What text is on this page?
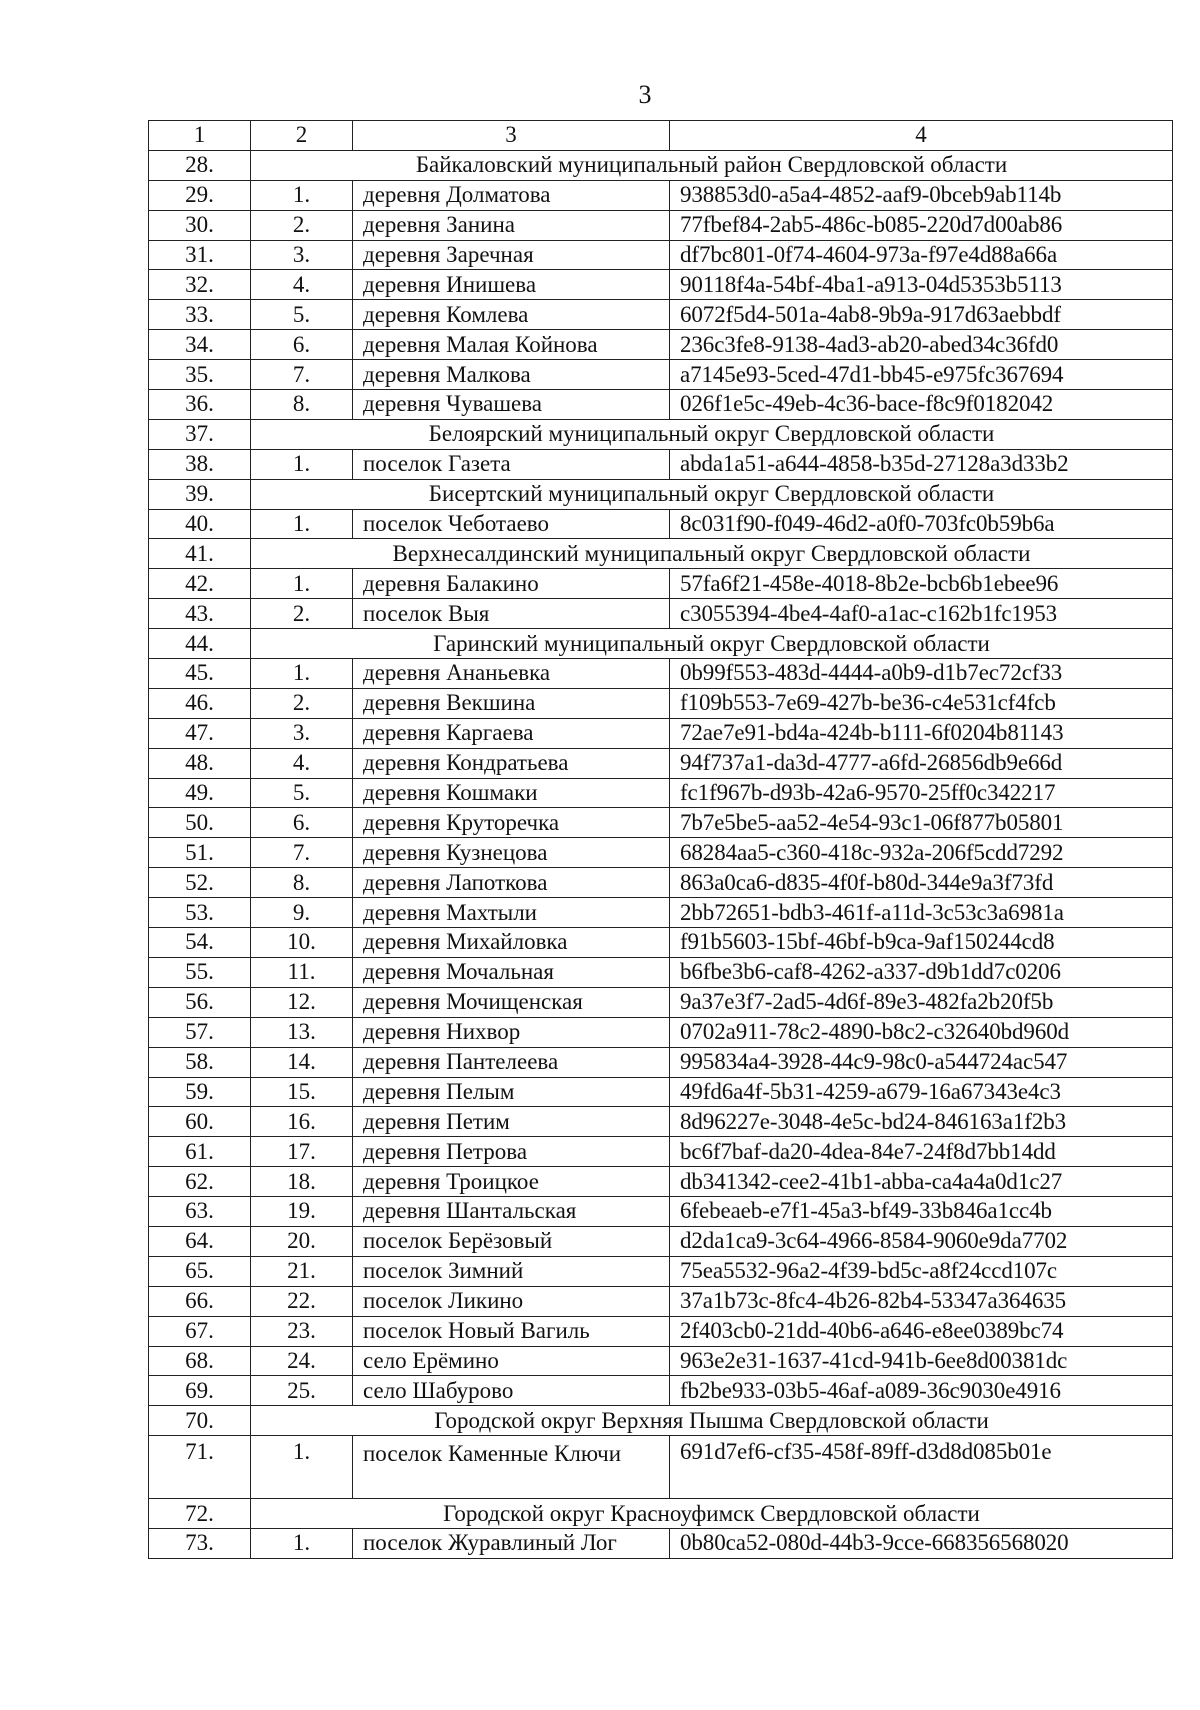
3
1	2	3	4
28.	Байкаловский муниципальный район Свердловской области		
29.	1.	деревня Долматова	938853d0-a5a4-4852-aaf9-0bceb9ab114b
30.	2.	деревня Занина	77fbef84-2ab5-486c-b085-220d7d00ab86
31.	3.	деревня Заречная	df7bc801-0f74-4604-973a-f97e4d88a66a
32.	4.	деревня Инишева	90118f4a-54bf-4ba1-a913-04d5353b5113
33.	5.	деревня Комлева	6072f5d4-501a-4ab8-9b9a-917d63aebbdf
34.	6.	деревня Малая Койнова	236c3fe8-9138-4ad3-ab20-abed34c36fd0
35.	7.	деревня Малкова	a7145e93-5ced-47d1-bb45-e975fc367694
36.	8.	деревня Чувашева	026f1e5c-49eb-4c36-bace-f8c9f0182042
37.	Белоярский муниципальный округ Свердловской области		
38.	1.	поселок Газета	abda1a51-a644-4858-b35d-27128a3d33b2
39.	Бисертский муниципальный округ Свердловской области		
40.	1.	поселок Чеботаево	8c031f90-f049-46d2-a0f0-703fc0b59b6a
41.	Верхнесалдинский муниципальный округ Свердловской области		
42.	1.	деревня Балакино	57fa6f21-458e-4018-8b2e-bcb6b1ebee96
43.	2.	поселок Выя	c3055394-4be4-4af0-a1ac-c162b1fc1953
44.	Гаринский муниципальный округ Свердловской области		
45.	1.	деревня Ананьевка	0b99f553-483d-4444-a0b9-d1b7ec72cf33
46.	2.	деревня Векшина	f109b553-7e69-427b-be36-c4e531cf4fcb
47.	3.	деревня Каргаева	72ae7e91-bd4a-424b-b111-6f0204b81143
48.	4.	деревня Кондратьева	94f737a1-da3d-4777-a6fd-26856db9e66d
49.	5.	деревня Кошмаки	fc1f967b-d93b-42a6-9570-25ff0c342217
50.	6.	деревня Круторечка	7b7e5be5-aa52-4e54-93c1-06f877b05801
51.	7.	деревня Кузнецова	68284aa5-c360-418c-932a-206f5cdd7292
52.	8.	деревня Лапоткова	863a0ca6-d835-4f0f-b80d-344e9a3f73fd
53.	9.	деревня Махтыли	2bb72651-bdb3-461f-a11d-3c53c3a6981a
54.	10.	деревня Михайловка	f91b5603-15bf-46bf-b9ca-9af150244cd8
55.	11.	деревня Мочальная	b6fbe3b6-caf8-4262-a337-d9b1dd7c0206
56.	12.	деревня Мочищенская	9a37e3f7-2ad5-4d6f-89e3-482fa2b20f5b
57.	13.	деревня Нихвор	0702a911-78c2-4890-b8c2-c32640bd960d
58.	14.	деревня Пантелеева	995834a4-3928-44c9-98c0-a544724ac547
59.	15.	деревня Пелым	49fd6a4f-5b31-4259-a679-16a67343e4c3
60.	16.	деревня Петим	8d96227e-3048-4e5c-bd24-846163a1f2b3
61.	17.	деревня Петрова	bc6f7baf-da20-4dea-84e7-24f8d7bb14dd
62.	18.	деревня Троицкое	db341342-cee2-41b1-abba-ca4a4a0d1c27
63.	19.	деревня Шантальская	6febeaeb-e7f1-45a3-bf49-33b846a1cc4b
64.	20.	поселок Берёзовый	d2da1ca9-3c64-4966-8584-9060e9da7702
65.	21.	поселок Зимний	75ea5532-96a2-4f39-bd5c-a8f24ccd107c
66.	22.	поселок Ликино	37a1b73c-8fc4-4b26-82b4-53347a364635
67.	23.	поселок Новый Вагиль	2f403cb0-21dd-40b6-a646-e8ee0389bc74
68.	24.	село Ерёмино	963e2e31-1637-41cd-941b-6ee8d00381dc
69.	25.	село Шабурово	fb2be933-03b5-46af-a089-36c9030e4916
70.	Городской округ Верхняя Пышма Свердловской области		
71.	1.	поселок Каменные Ключи	691d7ef6-cf35-458f-89ff-d3d8d085b01e
72.	Городской округ Красноуфимск Свердловской области		
73.	1.	поселок Журавлиный Лог	0b80ca52-080d-44b3-9cce-668356568020
